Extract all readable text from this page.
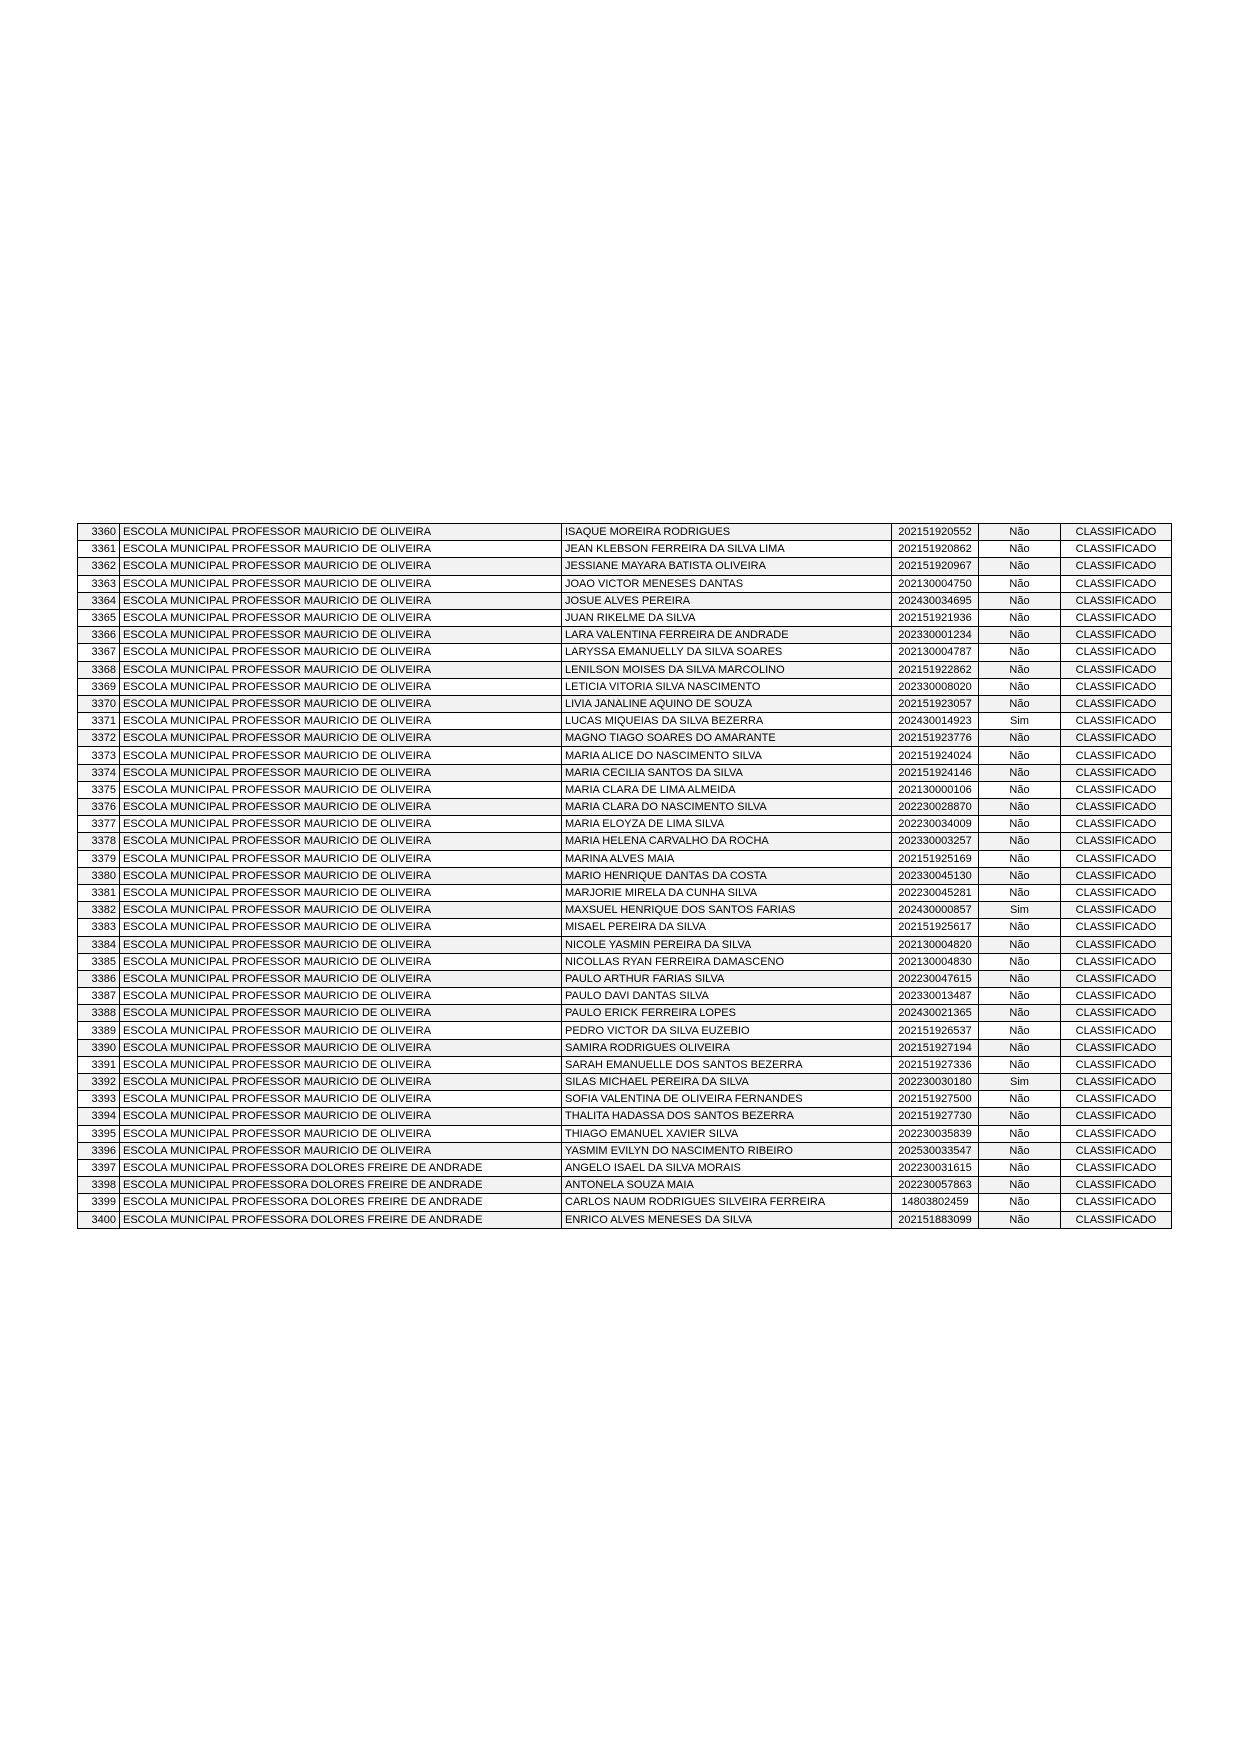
3360	ESCOLA MUNICIPAL PROFESSOR MAURICIO DE OLIVEIRA	ISAQUE MOREIRA RODRIGUES	202151920552	Não	CLASSIFICADO
3361	ESCOLA MUNICIPAL PROFESSOR MAURICIO DE OLIVEIRA	JEAN KLEBSON FERREIRA DA SILVA LIMA	202151920862	Não	CLASSIFICADO
3362	ESCOLA MUNICIPAL PROFESSOR MAURICIO DE OLIVEIRA	JESSIANE MAYARA BATISTA OLIVEIRA	202151920967	Não	CLASSIFICADO
3363	ESCOLA MUNICIPAL PROFESSOR MAURICIO DE OLIVEIRA	JOAO VICTOR MENESES DANTAS	202130004750	Não	CLASSIFICADO
3364	ESCOLA MUNICIPAL PROFESSOR MAURICIO DE OLIVEIRA	JOSUE ALVES PEREIRA	202430034695	Não	CLASSIFICADO
3365	ESCOLA MUNICIPAL PROFESSOR MAURICIO DE OLIVEIRA	JUAN RIKELME DA SILVA	202151921936	Não	CLASSIFICADO
3366	ESCOLA MUNICIPAL PROFESSOR MAURICIO DE OLIVEIRA	LARA VALENTINA FERREIRA DE ANDRADE	202330001234	Não	CLASSIFICADO
3367	ESCOLA MUNICIPAL PROFESSOR MAURICIO DE OLIVEIRA	LARYSSA EMANUELLY DA SILVA SOARES	202130004787	Não	CLASSIFICADO
3368	ESCOLA MUNICIPAL PROFESSOR MAURICIO DE OLIVEIRA	LENILSON MOISES DA SILVA MARCOLINO	202151922862	Não	CLASSIFICADO
3369	ESCOLA MUNICIPAL PROFESSOR MAURICIO DE OLIVEIRA	LETICIA VITORIA SILVA NASCIMENTO	202330008020	Não	CLASSIFICADO
3370	ESCOLA MUNICIPAL PROFESSOR MAURICIO DE OLIVEIRA	LIVIA JANALINE AQUINO DE SOUZA	202151923057	Não	CLASSIFICADO
3371	ESCOLA MUNICIPAL PROFESSOR MAURICIO DE OLIVEIRA	LUCAS MIQUEIAS DA SILVA BEZERRA	202430014923	Sim	CLASSIFICADO
3372	ESCOLA MUNICIPAL PROFESSOR MAURICIO DE OLIVEIRA	MAGNO TIAGO SOARES DO AMARANTE	202151923776	Não	CLASSIFICADO
3373	ESCOLA MUNICIPAL PROFESSOR MAURICIO DE OLIVEIRA	MARIA ALICE DO NASCIMENTO SILVA	202151924024	Não	CLASSIFICADO
3374	ESCOLA MUNICIPAL PROFESSOR MAURICIO DE OLIVEIRA	MARIA CECILIA SANTOS DA SILVA	202151924146	Não	CLASSIFICADO
3375	ESCOLA MUNICIPAL PROFESSOR MAURICIO DE OLIVEIRA	MARIA CLARA DE LIMA ALMEIDA	202130000106	Não	CLASSIFICADO
3376	ESCOLA MUNICIPAL PROFESSOR MAURICIO DE OLIVEIRA	MARIA CLARA DO NASCIMENTO SILVA	202230028870	Não	CLASSIFICADO
3377	ESCOLA MUNICIPAL PROFESSOR MAURICIO DE OLIVEIRA	MARIA ELOYZA DE LIMA SILVA	202230034009	Não	CLASSIFICADO
3378	ESCOLA MUNICIPAL PROFESSOR MAURICIO DE OLIVEIRA	MARIA HELENA CARVALHO DA ROCHA	202330003257	Não	CLASSIFICADO
3379	ESCOLA MUNICIPAL PROFESSOR MAURICIO DE OLIVEIRA	MARINA ALVES MAIA	202151925169	Não	CLASSIFICADO
3380	ESCOLA MUNICIPAL PROFESSOR MAURICIO DE OLIVEIRA	MARIO HENRIQUE DANTAS DA COSTA	202330045130	Não	CLASSIFICADO
3381	ESCOLA MUNICIPAL PROFESSOR MAURICIO DE OLIVEIRA	MARJORIE MIRELA DA CUNHA SILVA	202230045281	Não	CLASSIFICADO
3382	ESCOLA MUNICIPAL PROFESSOR MAURICIO DE OLIVEIRA	MAXSUEL HENRIQUE DOS SANTOS FARIAS	202430000857	Sim	CLASSIFICADO
3383	ESCOLA MUNICIPAL PROFESSOR MAURICIO DE OLIVEIRA	MISAEL PEREIRA DA SILVA	202151925617	Não	CLASSIFICADO
3384	ESCOLA MUNICIPAL PROFESSOR MAURICIO DE OLIVEIRA	NICOLE YASMIN PEREIRA DA SILVA	202130004820	Não	CLASSIFICADO
3385	ESCOLA MUNICIPAL PROFESSOR MAURICIO DE OLIVEIRA	NICOLLAS RYAN FERREIRA DAMASCENO	202130004830	Não	CLASSIFICADO
3386	ESCOLA MUNICIPAL PROFESSOR MAURICIO DE OLIVEIRA	PAULO ARTHUR FARIAS SILVA	202230047615	Não	CLASSIFICADO
3387	ESCOLA MUNICIPAL PROFESSOR MAURICIO DE OLIVEIRA	PAULO DAVI DANTAS SILVA	202330013487	Não	CLASSIFICADO
3388	ESCOLA MUNICIPAL PROFESSOR MAURICIO DE OLIVEIRA	PAULO ERICK FERREIRA LOPES	202430021365	Não	CLASSIFICADO
3389	ESCOLA MUNICIPAL PROFESSOR MAURICIO DE OLIVEIRA	PEDRO VICTOR DA SILVA EUZEBIO	202151926537	Não	CLASSIFICADO
3390	ESCOLA MUNICIPAL PROFESSOR MAURICIO DE OLIVEIRA	SAMIRA RODRIGUES OLIVEIRA	202151927194	Não	CLASSIFICADO
3391	ESCOLA MUNICIPAL PROFESSOR MAURICIO DE OLIVEIRA	SARAH EMANUELLE DOS SANTOS BEZERRA	202151927336	Não	CLASSIFICADO
3392	ESCOLA MUNICIPAL PROFESSOR MAURICIO DE OLIVEIRA	SILAS MICHAEL PEREIRA DA SILVA	202230030180	Sim	CLASSIFICADO
3393	ESCOLA MUNICIPAL PROFESSOR MAURICIO DE OLIVEIRA	SOFIA VALENTINA DE OLIVEIRA FERNANDES	202151927500	Não	CLASSIFICADO
3394	ESCOLA MUNICIPAL PROFESSOR MAURICIO DE OLIVEIRA	THALITA HADASSA DOS SANTOS BEZERRA	202151927730	Não	CLASSIFICADO
3395	ESCOLA MUNICIPAL PROFESSOR MAURICIO DE OLIVEIRA	THIAGO EMANUEL XAVIER SILVA	202230035839	Não	CLASSIFICADO
3396	ESCOLA MUNICIPAL PROFESSOR MAURICIO DE OLIVEIRA	YASMIM EVILYN DO NASCIMENTO RIBEIRO	202530033547	Não	CLASSIFICADO
3397	ESCOLA MUNICIPAL PROFESSORA DOLORES FREIRE DE ANDRADE	ANGELO ISAEL DA SILVA MORAIS	202230031615	Não	CLASSIFICADO
3398	ESCOLA MUNICIPAL PROFESSORA DOLORES FREIRE DE ANDRADE	ANTONELA SOUZA MAIA	202230057863	Não	CLASSIFICADO
3399	ESCOLA MUNICIPAL PROFESSORA DOLORES FREIRE DE ANDRADE	CARLOS NAUM RODRIGUES SILVEIRA FERREIRA	14803802459	Não	CLASSIFICADO
3400	ESCOLA MUNICIPAL PROFESSORA DOLORES FREIRE DE ANDRADE	ENRICO ALVES MENESES DA SILVA	202151883099	Não	CLASSIFICADO
